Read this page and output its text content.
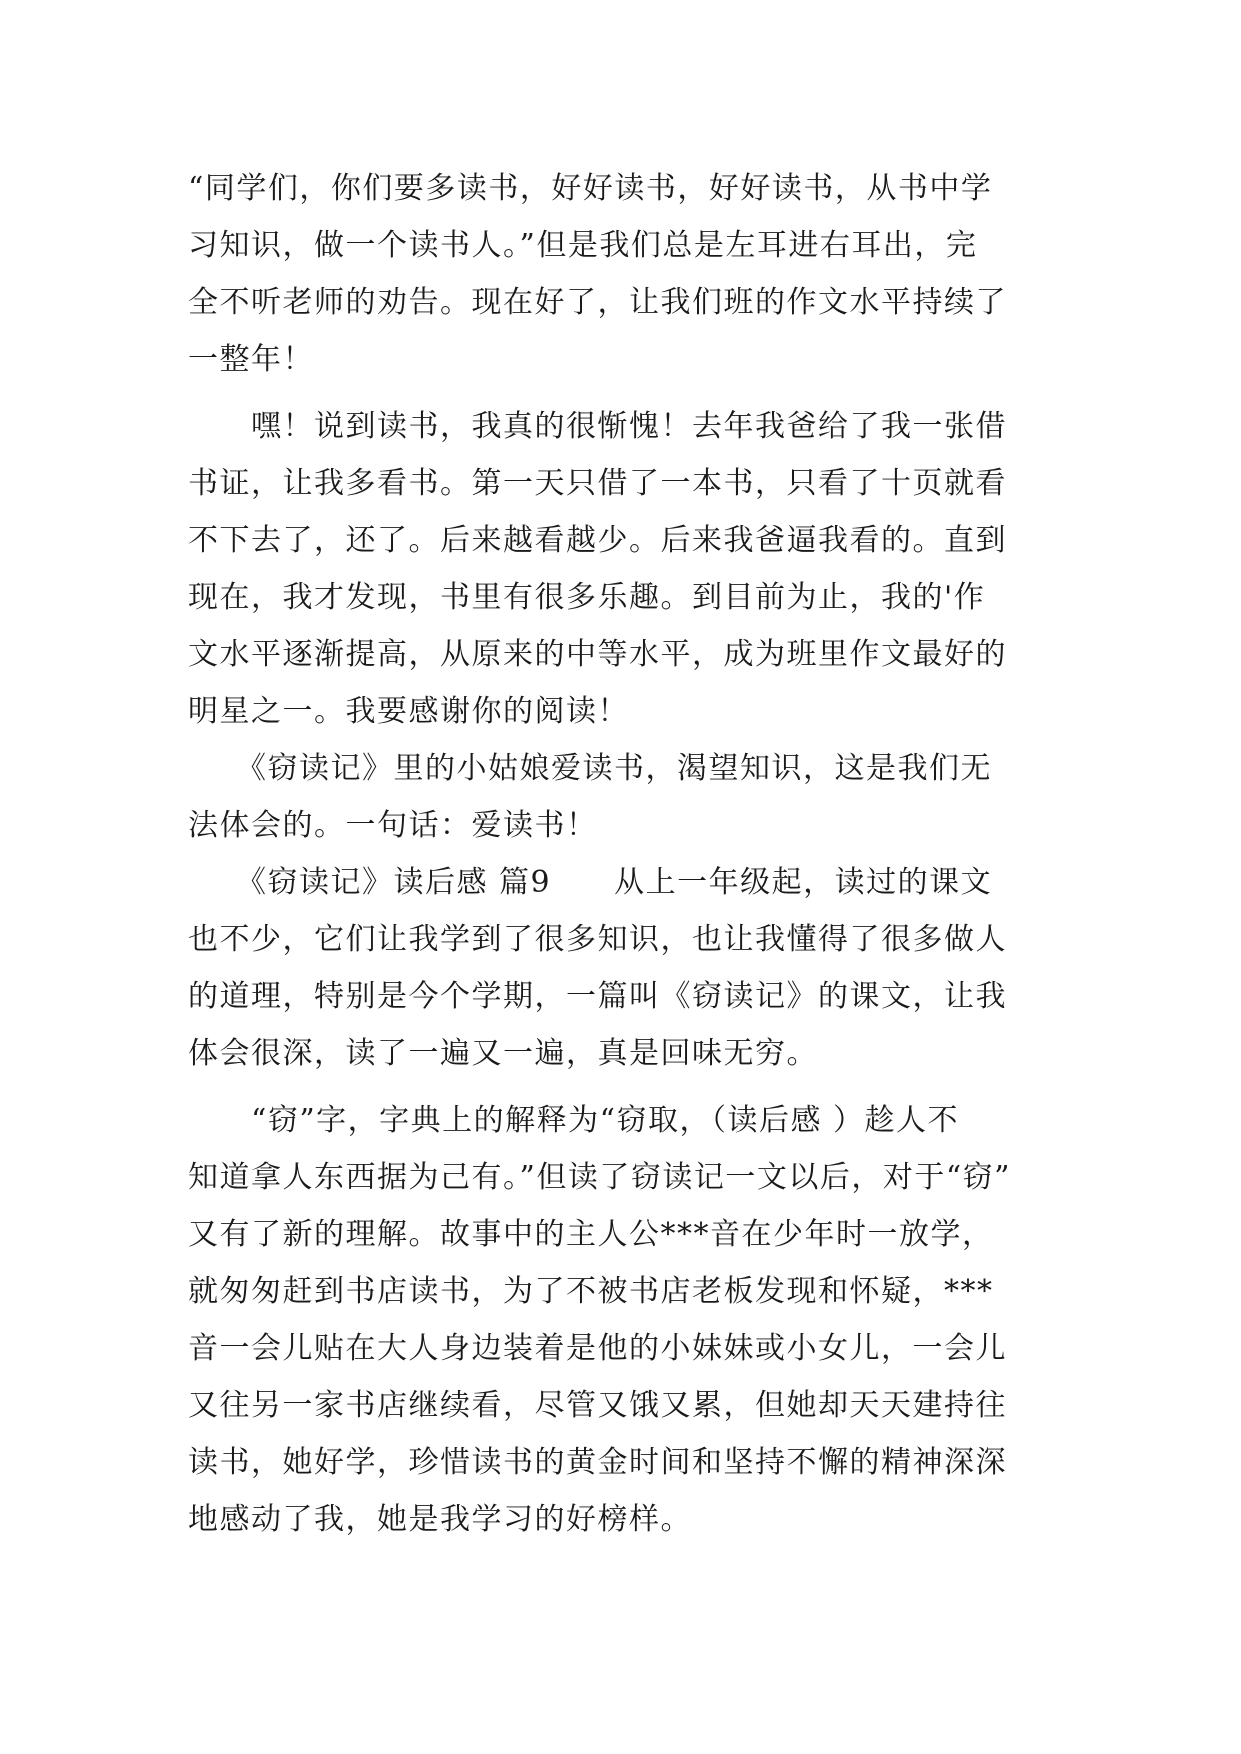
“同学们，你们要多读书，好好读书，好好读书，从书中学
习知识，做一个读书人。”但是我们总是左耳进右耳出，完
全不听老师的劝告。现在好了，让我们班的作文水平持续了
一整年！
　　嘿！说到读书，我真的很惭愧！去年我爸给了我一张借
书证，让我多看书。第一天只借了一本书，只看了十页就看
不下去了，还了。后来越看越少。后来我爸逼我看的。直到
现在，我才发现，书里有很多乐趣。到目前为止，我的'作
文水平逐渐提高，从原来的中等水平，成为班里作文最好的
明星之一。我要感谢你的阅读！
　　《窃读记》里的小姑娘爱读书，渴望知识，这是我们无
法体会的。一句话：爱读书！
　　《窃读记》读后感 篇9　　从上一年级起，读过的课文
也不少，它们让我学到了很多知识，也让我懂得了很多做人
的道理，特别是今个学期，一篇叫《窃读记》的课文，让我
体会很深，读了一遍又一遍，真是回味无穷。
　　“窃”字，字典上的解释为“窃取，（读后感 ）趁人不
知道拿人东西据为己有。”但读了窃读记一文以后，对于“窃”
又有了新的理解。故事中的主人公***音在少年时一放学，
就匆匆赶到书店读书，为了不被书店老板发现和怀疑，***
音一会儿贴在大人身边装着是他的小妹妹或小女儿，一会儿
又往另一家书店继续看，尽管又饿又累，但她却天天建持往
读书，她好学，珍惜读书的黄金时间和坚持不懈的精神深深
地感动了我，她是我学习的好榜样。
